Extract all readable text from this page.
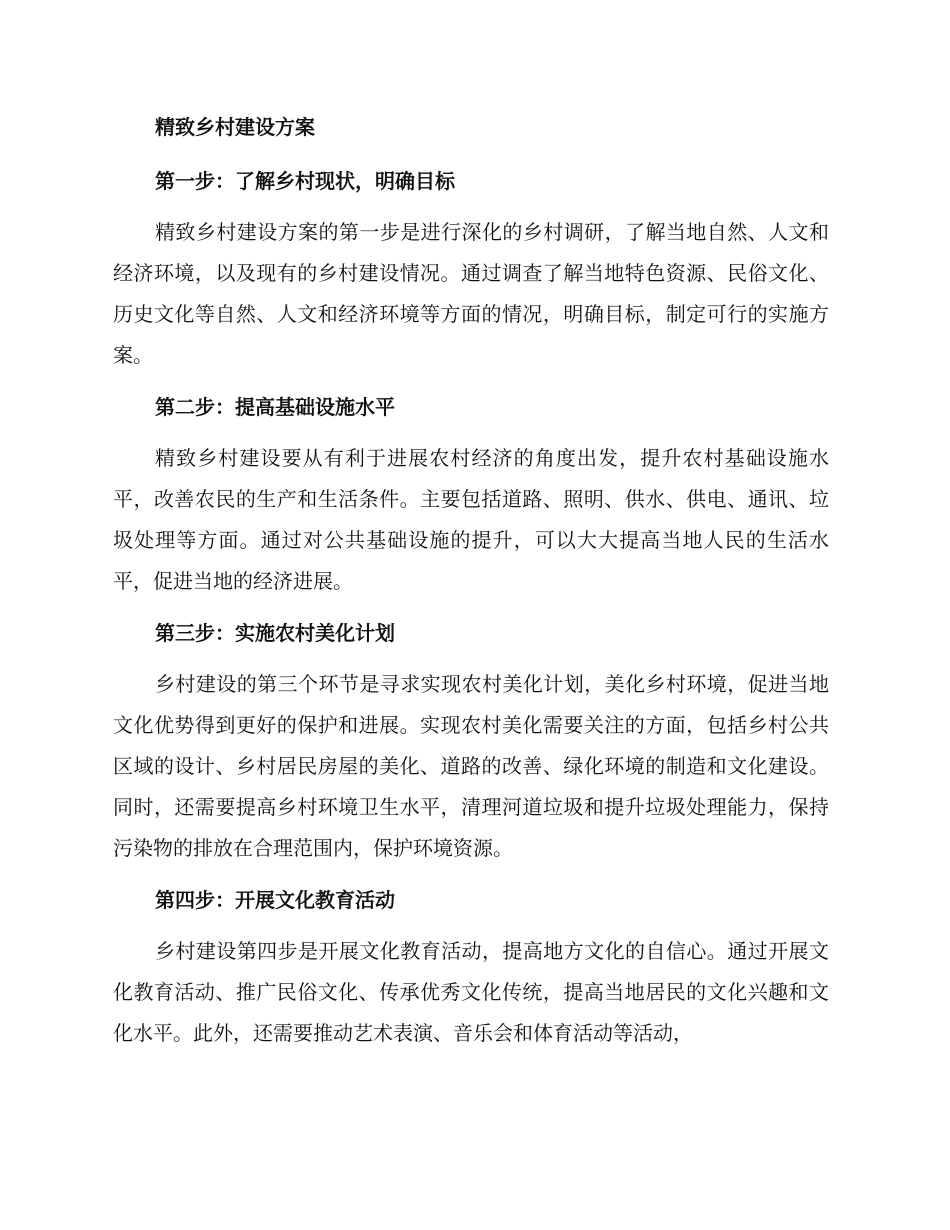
精致乡村建设方案
第一步：了解乡村现状，明确目标
精致乡村建设方案的第一步是进行深化的乡村调研，了解当地自然、人文和经济环境，以及现有的乡村建设情况。通过调查了解当地特色资源、民俗文化、历史文化等自然、人文和经济环境等方面的情况，明确目标，制定可行的实施方案。
第二步：提高基础设施水平
精致乡村建设要从有利于进展农村经济的角度出发，提升农村基础设施水平，改善农民的生产和生活条件。主要包括道路、照明、供水、供电、通讯、垃圾处理等方面。通过对公共基础设施的提升，可以大大提高当地人民的生活水平，促进当地的经济进展。
第三步：实施农村美化计划
乡村建设的第三个环节是寻求实现农村美化计划，美化乡村环境，促进当地文化优势得到更好的保护和进展。实现农村美化需要关注的方面，包括乡村公共区域的设计、乡村居民房屋的美化、道路的改善、绿化环境的制造和文化建设。同时，还需要提高乡村环境卫生水平，清理河道垃圾和提升垃圾处理能力，保持污染物的排放在合理范围内，保护环境资源。
第四步：开展文化教育活动
乡村建设第四步是开展文化教育活动，提高地方文化的自信心。通过开展文化教育活动、推广民俗文化、传承优秀文化传统，提高当地居民的文化兴趣和文化水平。此外，还需要推动艺术表演、音乐会和体育活动等活动，
